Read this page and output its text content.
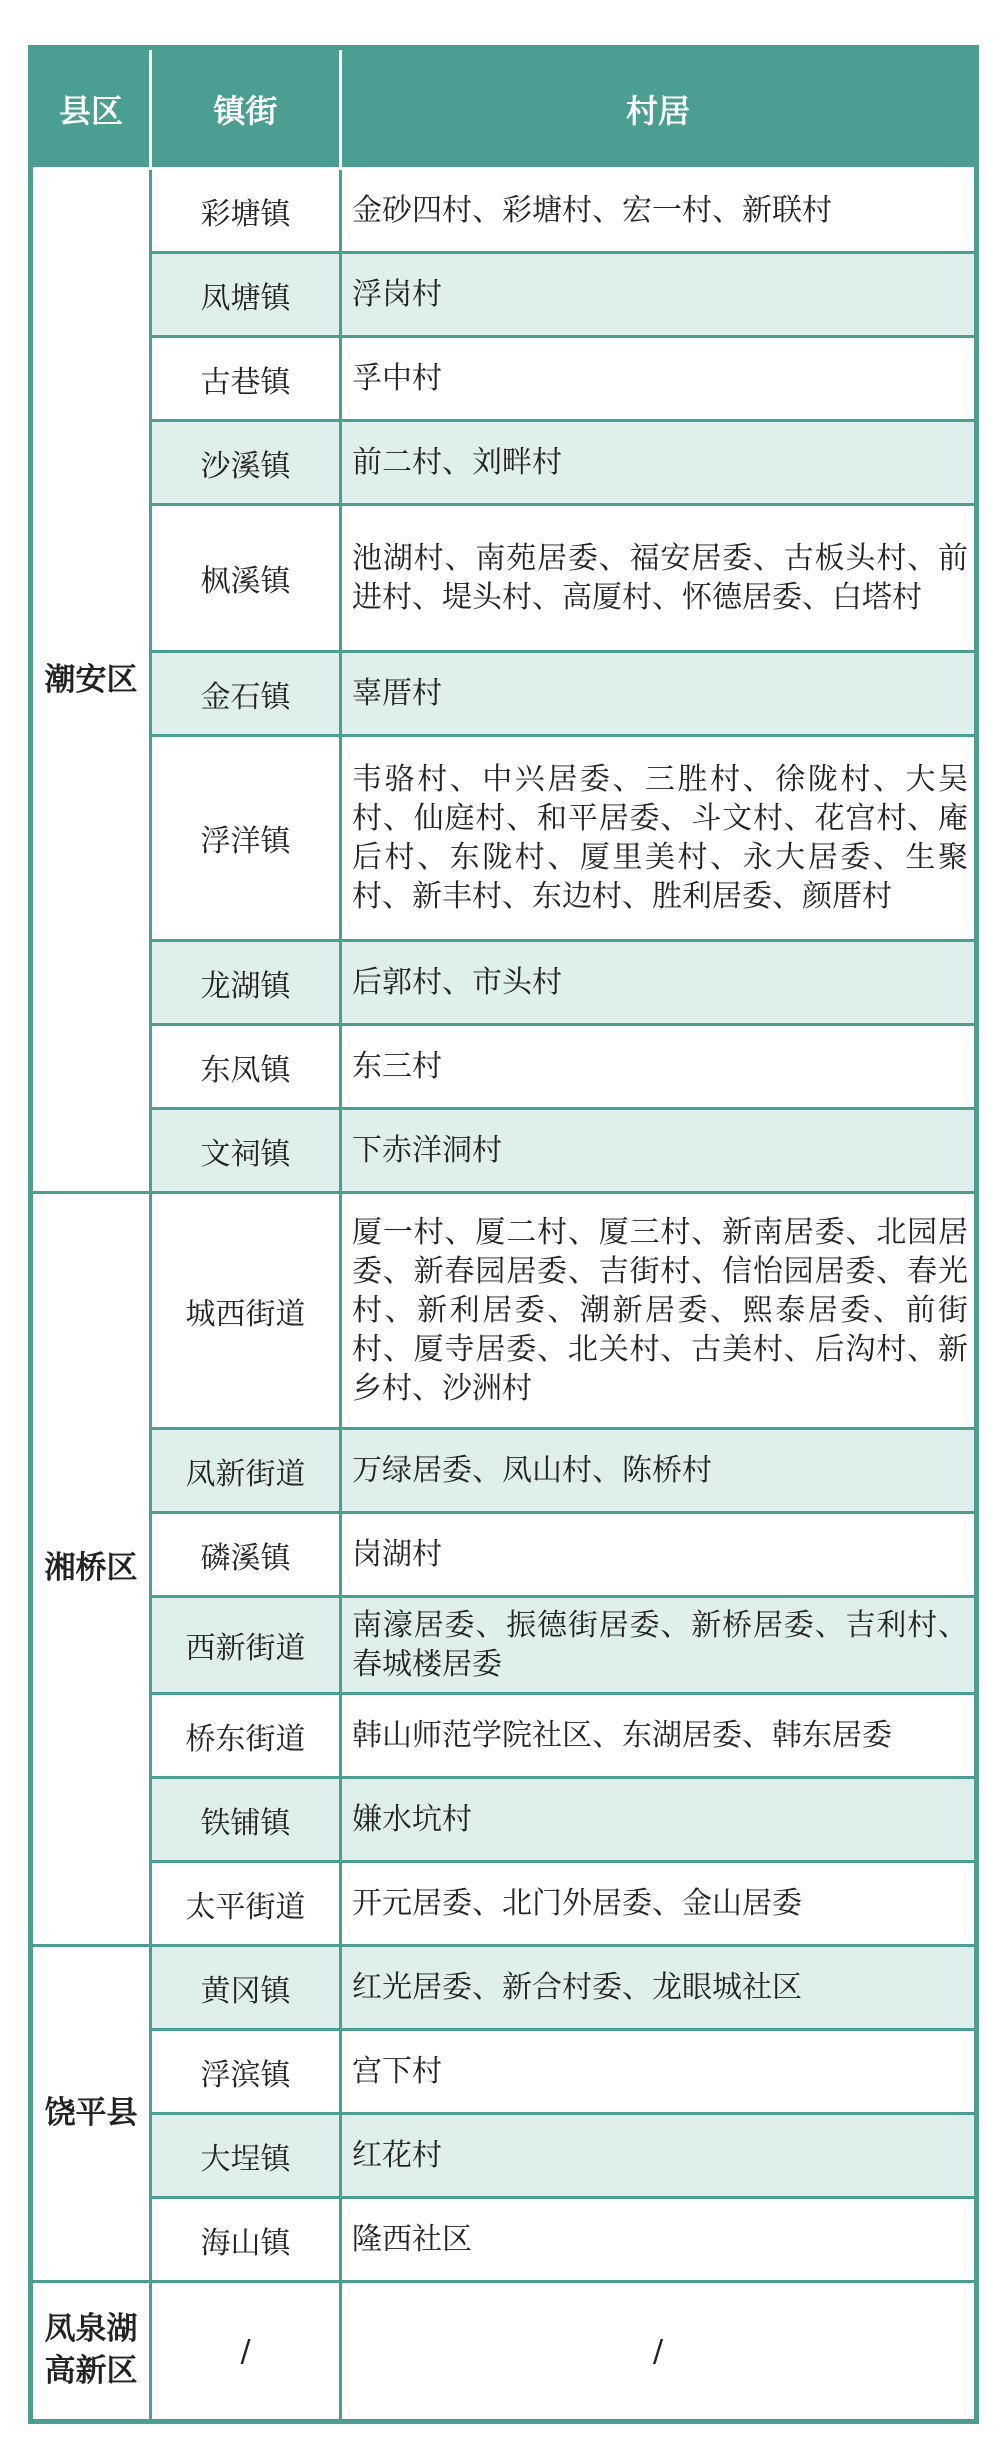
县区	镇街	村居
潮安区	彩塘镇	金砂四村、彩塘村、宏一村、新联村
	凤塘镇	浮岗村
	古巷镇	孚中村
	沙溪镇	前二村、刘畔村
	枫溪镇	池湖村、南苑居委、福安居委、古板头村、前进村、堤头村、高厦村、怀德居委、白塔村
	金石镇	辜厝村
	浮洋镇	韦骆村、中兴居委、三胜村、徐陇村、大吴村、仙庭村、和平居委、斗文村、花宫村、庵后村、东陇村、厦里美村、永大居委、生聚村、新丰村、东边村、胜利居委、颜厝村
	龙湖镇	后郭村、市头村
	东凤镇	东三村
	文祠镇	下赤洋洞村
湘桥区	城西街道	厦一村、厦二村、厦三村、新南居委、北园居委、新春园居委、吉街村、信怡园居委、春光村、新利居委、潮新居委、熙泰居委、前街村、厦寺居委、北关村、古美村、后沟村、新乡村、沙洲村
	凤新街道	万绿居委、凤山村、陈桥村
	磷溪镇	岗湖村
	西新街道	南濠居委、振德街居委、新桥居委、吉利村、春城楼居委
	桥东街道	韩山师范学院社区、东湖居委、韩东居委
	铁铺镇	嫌水坑村
	太平街道	开元居委、北门外居委、金山居委
饶平县	黄冈镇	红光居委、新合村委、龙眼城社区
	浮滨镇	宫下村
	大埕镇	红花村
	海山镇	隆西社区
凤泉湖高新区	/	/
